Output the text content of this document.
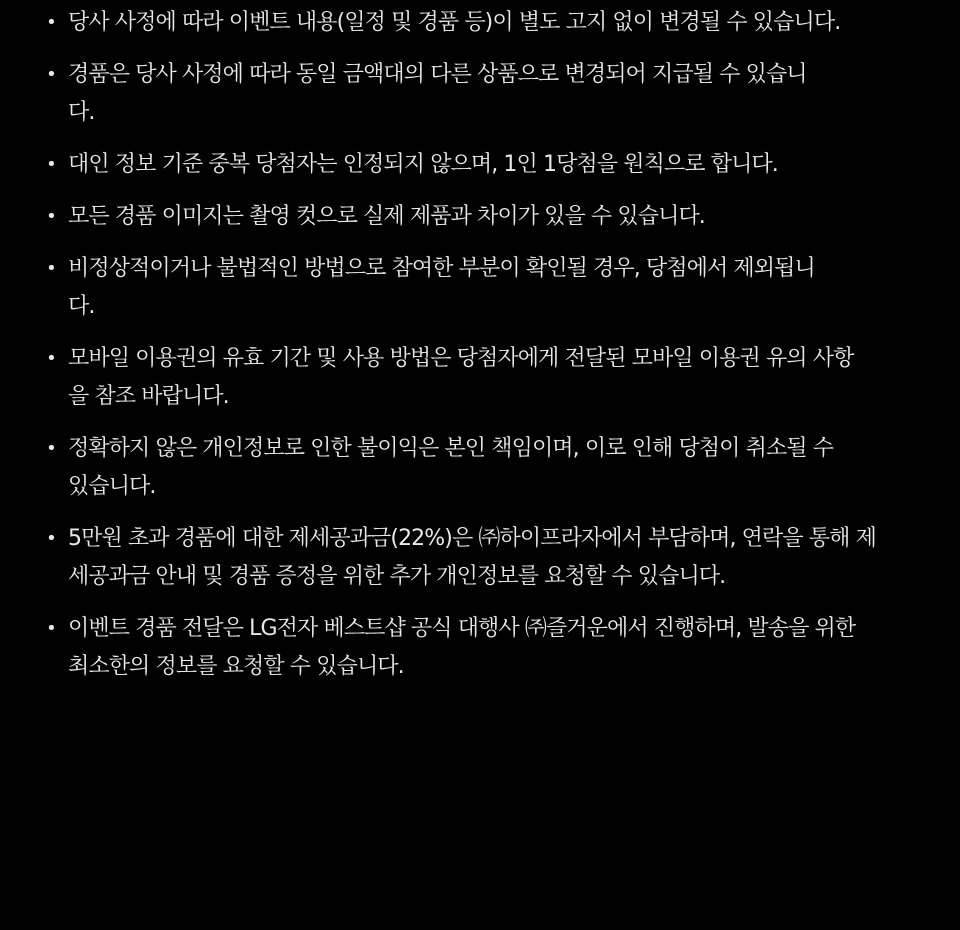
• 당사 사정에 따라 이벤트 내용(일정 및 경품 등)이 별도 고지 없이 변경될 수 있습니다.
• 경품은 당사 사정에 따라 동일 금액대의 다른 상품으로 변경되어 지급될 수 있습니다.
• 대인 정보 기준 중복 당첨자는 인정되지 않으며, 1인 1당첨을 원칙으로 합니다.
• 모든 경품 이미지는 촬영 컷으로 실제 제품과 차이가 있을 수 있습니다.
• 비정상적이거나 불법적인 방법으로 참여한 부분이 확인될 경우, 당첨에서 제외됩니다.
• 모바일 이용권의 유효 기간 및 사용 방법은 당첨자에게 전달된 모바일 이용권 유의 사항을 참조 바랍니다.
• 정확하지 않은 개인정보로 인한 불이익은 본인 책임이며, 이로 인해 당첨이 취소될 수 있습니다.
• 5만원 초과 경품에 대한 제세공과금(22%)은 ㈜하이프라자에서 부담하며, 연락을 통해 제세공과금 안내 및 경품 증정을 위한 추가 개인정보를 요청할 수 있습니다.
• 이벤트 경품 전달은 LG전자 베스트샵 공식 대행사 ㈜즐거운에서 진행하며, 발송을 위한 최소한의 정보를 요청할 수 있습니다.
